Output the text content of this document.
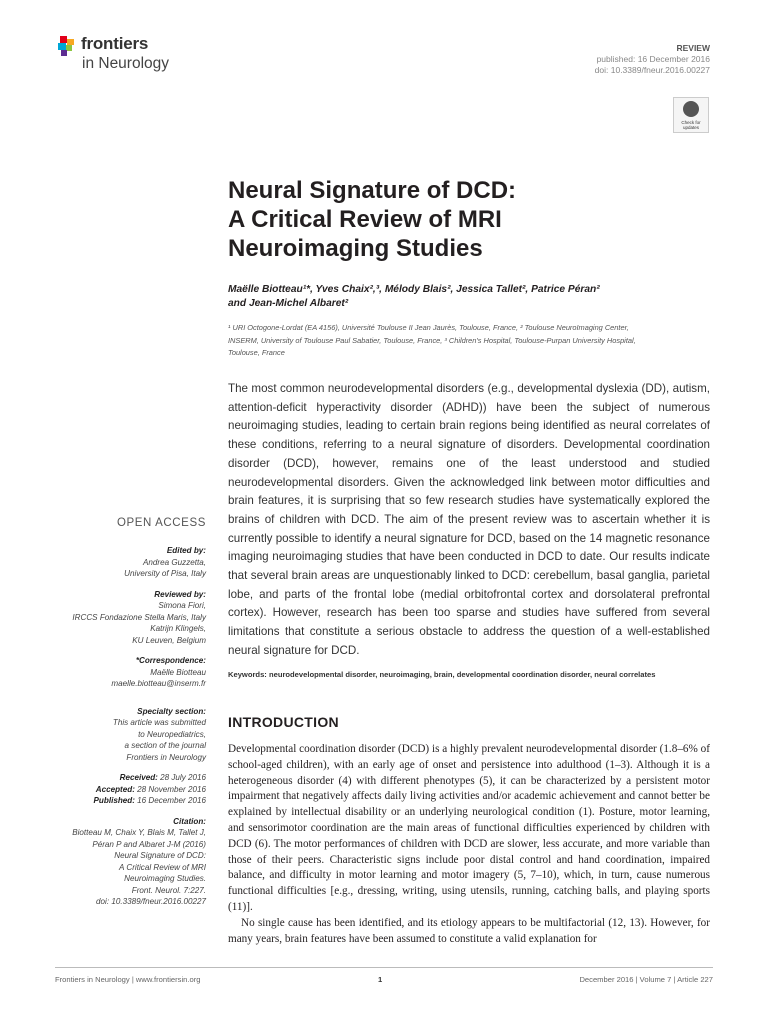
frontiers
in Neurology
REVIEW
published: 16 December 2016
doi: 10.3389/fneur.2016.00227
Check for updates
Neural Signature of DCD:
A Critical Review of MRI
Neuroimaging Studies
Maëlle Biotteau¹*, Yves Chaix²,³, Mélody Blais², Jessica Tallet², Patrice Péran²
and Jean-Michel Albaret²
¹ URI Octogone-Lordat (EA 4156), Université Toulouse II Jean Jaurès, Toulouse, France, ² Toulouse NeuroImaging Center,
INSERM, University of Toulouse Paul Sabatier, Toulouse, France, ³ Children's Hospital, Toulouse-Purpan University Hospital,
Toulouse, France
The most common neurodevelopmental disorders (e.g., developmental dyslexia (DD), autism, attention-deficit hyperactivity disorder (ADHD)) have been the subject of numerous neuroimaging studies, leading to certain brain regions being identified as neural correlates of these conditions, referring to a neural signature of disorders. Developmental coordination disorder (DCD), however, remains one of the least understood and studied neurodevelopmental disorders. Given the acknowledged link between motor difficulties and brain features, it is surprising that so few research studies have systematically explored the brains of children with DCD. The aim of the present review was to ascertain whether it is currently possible to identify a neural signature for DCD, based on the 14 magnetic resonance imaging neuroimaging studies that have been conducted in DCD to date. Our results indicate that several brain areas are unquestionably linked to DCD: cerebellum, basal ganglia, parietal lobe, and parts of the frontal lobe (medial orbitofrontal cortex and dorsolateral prefrontal cortex). However, research has been too sparse and studies have suffered from several limitations that constitute a serious obstacle to address the question of a well-established neural signature for DCD.
Keywords: neurodevelopmental disorder, neuroimaging, brain, developmental coordination disorder, neural correlates
INTRODUCTION

Developmental coordination disorder (DCD) is a highly prevalent neurodevelopmental disorder (1.8–6% of school-aged children), with an early age of onset and persistence into adulthood (1–3). Although it is a heterogeneous disorder (4) with different phenotypes (5), it can be characterized by a persistent motor impairment that negatively affects daily living activities and/or academic achievement and cannot better be explained by intellectual disability or an underlying neurological condition (1). Posture, motor learning, and sensorimotor coordination are the main areas of functional difficulties experienced by children with DCD (6). The motor performances of children with DCD are slower, less accurate, and more variable than those of their peers. Characteristic signs include poor distal control and hand coordination, impaired balance, and difficulty in motor learning and motor imagery (5, 7–10), which, in turn, cause numerous functional difficulties [e.g., dressing, writing, using utensils, running, catching balls, and playing sports (11)].

No single cause has been identified, and its etiology appears to be multifactorial (12, 13). However, for many years, brain features have been assumed to constitute a valid explanation for

OPEN ACCESS
Edited by:
Andrea Guzzetta,
University of Pisa, Italy
Reviewed by:
Simona Fiori,
IRCCS Fondazione Stella Maris, Italy
Katrijn Klingels,
KU Leuven, Belgium
*Correspondence:
Maëlle Biotteau
maelle.biotteau@inserm.fr
Specialty section:
This article was submitted
to Neuropediatrics,
a section of the journal
Frontiers in Neurology
Received: 28 July 2016
Accepted: 28 November 2016
Published: 16 December 2016
Citation:
Biotteau M, Chaix Y, Blais M, Tallet J,
Péran P and Albaret J-M (2016)
Neural Signature of DCD:
A Critical Review of MRI
Neuroimaging Studies.
Front. Neurol. 7:227.
doi: 10.3389/fneur.2016.00227
Frontiers in Neurology | www.frontiersin.org	1	December 2016 | Volume 7 | Article 227
